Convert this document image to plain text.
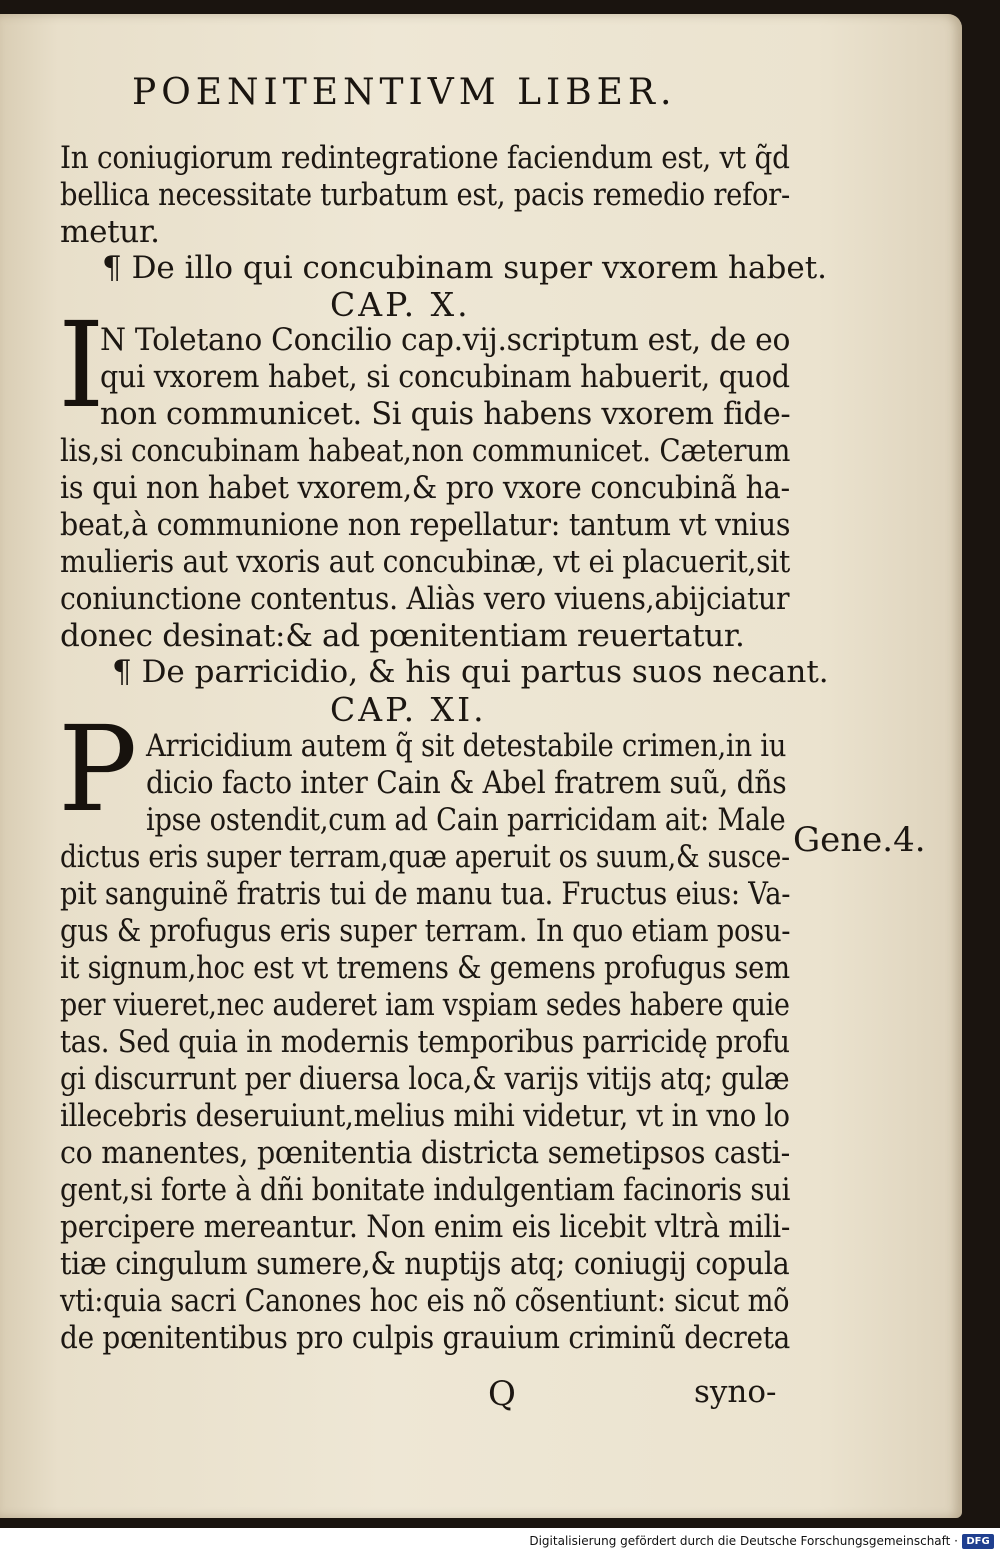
POENITENTIVM LIBER.
In coniugiorum redintegratione faciendum est, vt q̃d
bellica necessitate turbatum est, pacis remedio refor-
metur.
¶ De illo qui concubinam super vxorem habet.
CAP. X.
I
N Toletano Concilio cap.vij.scriptum est, de eo
qui vxorem habet, si concubinam habuerit, quod
non communicet. Si quis habens vxorem fide-
lis,si concubinam habeat,non communicet. Cæterum
is qui non habet vxorem,& pro vxore concubinã ha-
beat,à communione non repellatur: tantum vt vnius
mulieris aut vxoris aut concubinæ, vt ei placuerit,sit
coniunctione contentus. Aliàs vero viuens,abijciatur
donec desinat:& ad pœnitentiam reuertatur.
¶ De parricidio, & his qui partus suos necant.
CAP. XI.
P Arricidium autem q̃ sit detestabile crimen,in iu
dicio facto inter Cain & Abel fratrem suũ, dñs
ipse ostendit,cum ad Cain parricidam ait: Male
dictus eris super terram,quæ aperuit os suum,& susce-
pit sanguinẽ fratris tui de manu tua. Fructus eius: Va-
gus & profugus eris super terram. In quo etiam posu-
it signum,hoc est vt tremens & gemens profugus sem
per viueret,nec auderet iam vspiam sedes habere quie
tas. Sed quia in modernis temporibus parricidę profu
gi discurrunt per diuersa loca,& varijs vitijs atq; gulæ
illecebris deseruiunt,melius mihi videtur, vt in vno lo
co manentes, pœnitentia districta semetipsos casti-
gent,si forte à dñi bonitate indulgentiam facinoris sui
percipere mereantur. Non enim eis licebit vltrà mili-
tiæ cingulum sumere,& nuptijs atq; coniugij copula
vti:quia sacri Canones hoc eis nõ cõsentiunt: sicut mõ
de pœnitentibus pro culpis grauium criminũ decreta
Gene.4.
Q	syno-
Digitalisierung gefördert durch die Deutsche Forschungsgemeinschaft · DFG
